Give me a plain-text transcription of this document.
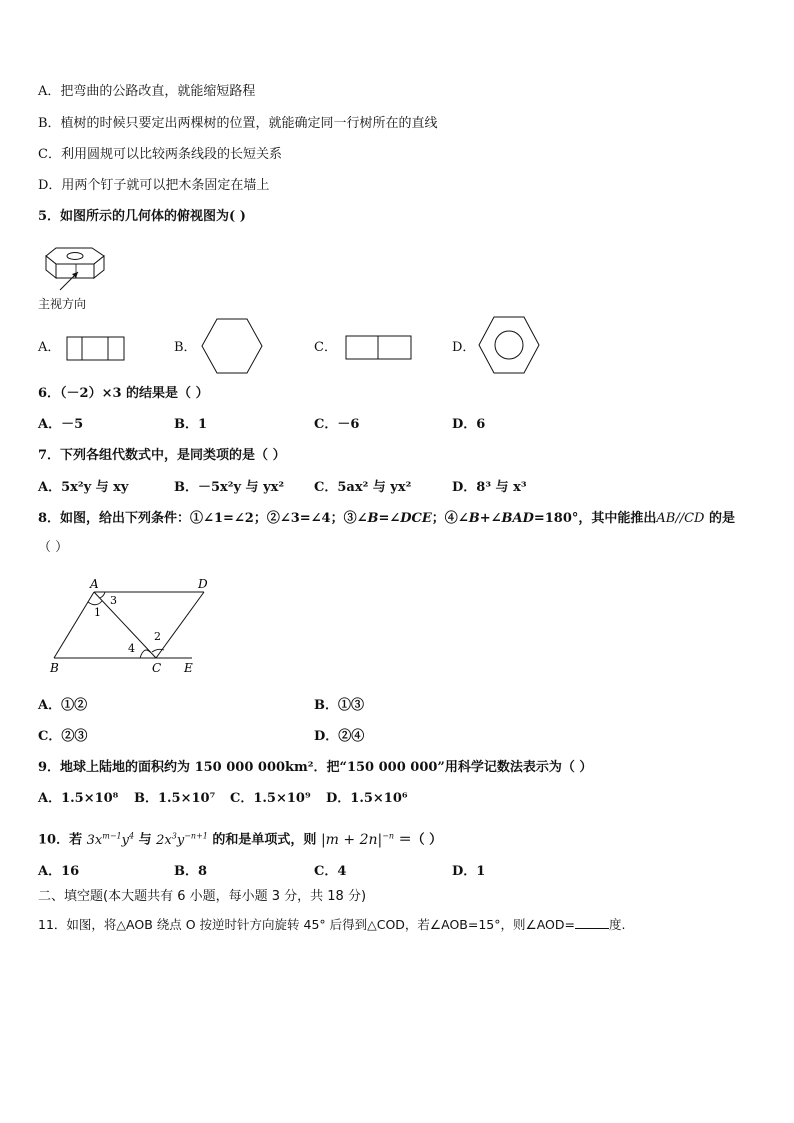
A．把弯曲的公路改直，就能缩短路程
B．植树的时候只要定出两棵树的位置，就能确定同一行树所在的直线
C．利用圆规可以比较两条线段的长短关系
D．用两个钉子就可以把木条固定在墙上
5．如图所示的几何体的俯视图为( )
主视方向
A．	B．	C．	D．
6．（－2）×3 的结果是（ ）
A．－5	B．1	C．－6	D．6
7．下列各组代数式中，是同类项的是（ ）
A．5x²y 与 xy	B．－5x²y 与 yx² C．5ax² 与 yx²	D．8³ 与 x³
8．如图，给出下列条件：①∠1=∠2；②∠3=∠4；③∠B=∠DCE；④∠B+∠BAD=180°，其中能推出AB//CD 的是
（ ）
A	D
B	C E
1
2
3
4
A．①②	B．①③
C．②③	D．②④
9．地球上陆地的面积约为 150 000 000km²．把“150 000 000”用科学记数法表示为（ ）
A．1.5×10⁸ B．1.5×10⁷ C．1.5×10⁹ D．1.5×10⁶
10．若 $3x^{m-1}y^4$ 与 $2x^3y^{-n+1}$ 的和是单项式，则 $|m + 2n|^{-n}$ ＝（ ）
A．16	B．8	C．4	D．1
二、填空题(本大题共有 6 小题，每小题 3 分，共 18 分)
11．如图，将△AOB 绕点 O 按逆时针方向旋转 45° 后得到△COD，若∠AOB=15°，则∠AOD=	度.
